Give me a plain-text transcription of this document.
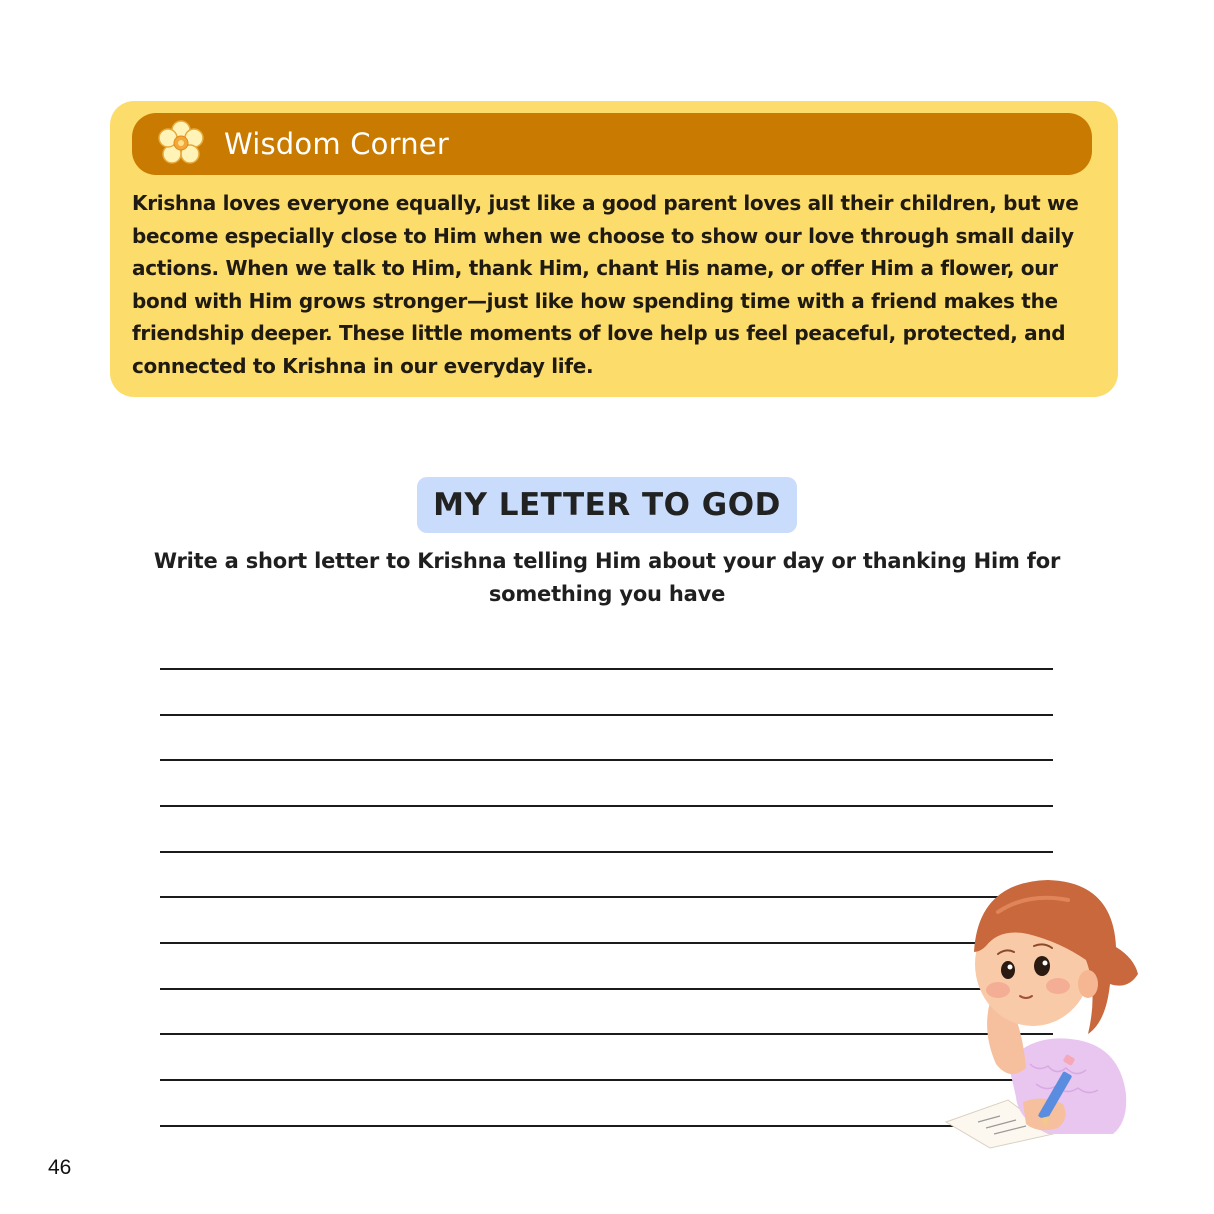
Wisdom Corner

Krishna loves everyone equally, just like a good parent loves all their children, but we become especially close to Him when we choose to show our love through small daily actions. When we talk to Him, thank Him, chant His name, or offer Him a flower, our bond with Him grows stronger—just like how spending time with a friend makes the friendship deeper. These little moments of love help us feel peaceful, protected, and connected to Krishna in our everyday life.

MY LETTER TO GOD

Write a short letter to Krishna telling Him about your day or thanking Him for something you have

46
